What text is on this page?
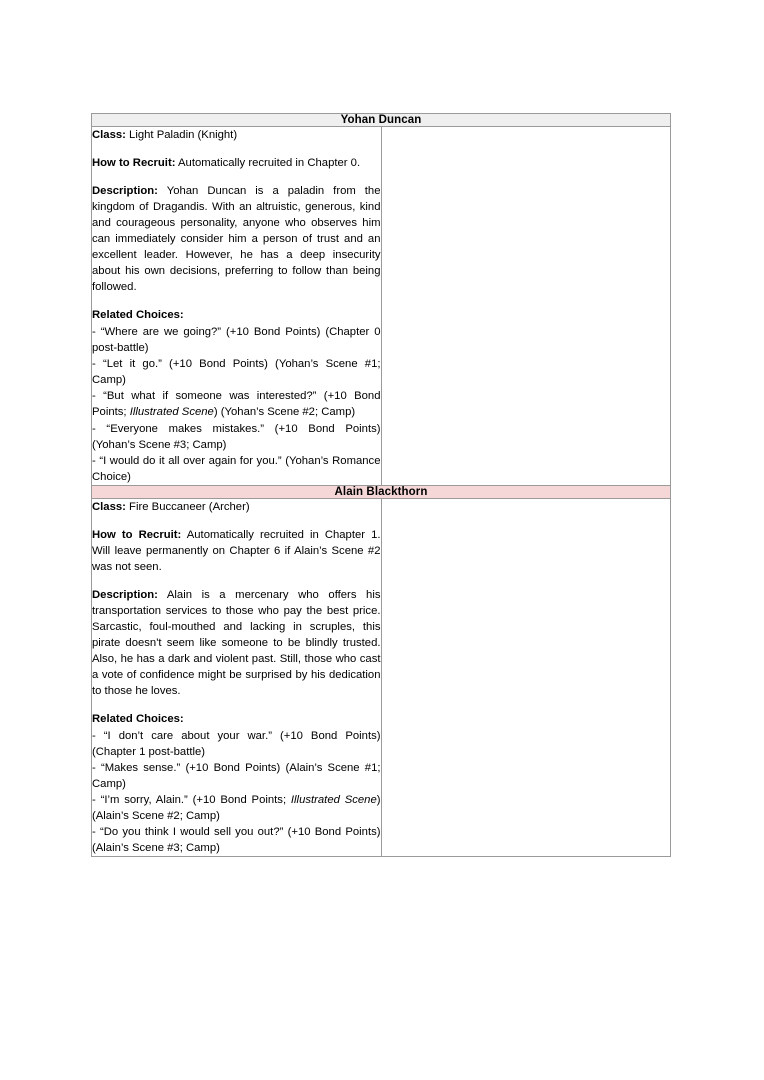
Yohan Duncan

Class: Light Paladin (Knight)

How to Recruit: Automatically recruited in Chapter 0.

Description: Yohan Duncan is a paladin from the kingdom of Dragandis. With an altruistic, generous, kind and courageous personality, anyone who observes him can immediately consider him a person of trust and an excellent leader. However, he has a deep insecurity about his own decisions, preferring to follow than being followed.

Related Choices:

- “Where are we going?” (+10 Bond Points) (Chapter 0 post-battle)

- “Let it go.” (+10 Bond Points) (Yohan’s Scene #1; Camp)

- “But what if someone was interested?” (+10 Bond Points; Illustrated Scene) (Yohan’s Scene #2; Camp)

- “Everyone makes mistakes.” (+10 Bond Points) (Yohan’s Scene #3; Camp)

- “I would do it all over again for you.” (Yohan’s Romance Choice)

Alain Blackthorn

Class: Fire Buccaneer (Archer)

How to Recruit: Automatically recruited in Chapter 1. Will leave permanently on Chapter 6 if Alain’s Scene #2 was not seen.

Description: Alain is a mercenary who offers his transportation services to those who pay the best price. Sarcastic, foul-mouthed and lacking in scruples, this pirate doesn't seem like someone to be blindly trusted. Also, he has a dark and violent past. Still, those who cast a vote of confidence might be surprised by his dedication to those he loves.

Related Choices:

- “I don’t care about your war.” (+10 Bond Points) (Chapter 1 post-battle)

- “Makes sense.” (+10 Bond Points) (Alain’s Scene #1; Camp)

- “I’m sorry, Alain.” (+10 Bond Points; Illustrated Scene) (Alain’s Scene #2; Camp)

- “Do you think I would sell you out?” (+10 Bond Points) (Alain’s Scene #3; Camp)
